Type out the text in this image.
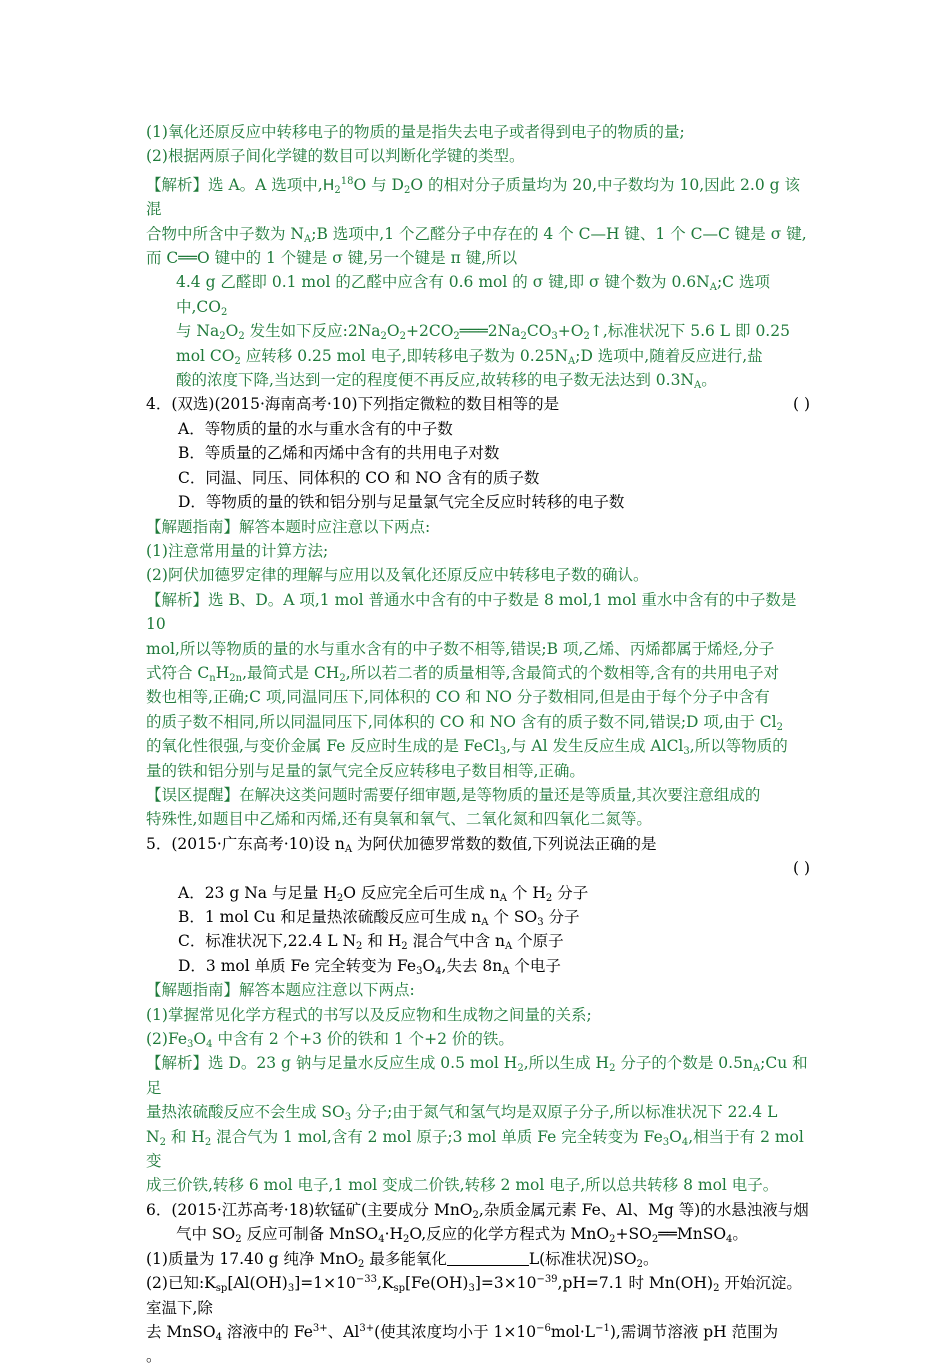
(1)氧化还原反应中转移电子的物质的量是指失去电子或者得到电子的物质的量;

(2)根据两原子间化学键的数目可以判断化学键的类型。

【解析】选 A。A 选项中$,H_2^{18}O$ 与 $D_2O$ 的相对分子质量均为 20,中子数均为 10,因此 2.0 g 该混

合物中所含中子数为 $N_A;B$ 选项中,1 个乙醛分子中存在的 4 个 C—H 键、1 个 C—C 键是 σ 键,

而 C══O 键中的 1 个键是 σ 键,另一个键是 π 键,所以

4.4 g 乙醛即 0.1 mol 的乙醛中应含有 0.6 mol 的 σ 键,即 σ 键个数为 $0.6N_A;C$ 选项中$,CO_2$

与 $Na_2O_2$ 发生如下反应$:2Na_2O_2+2CO_2═══2Na_2CO_3+O_2↑$,标准状况下 5.6 L 即 0.25

mol $CO_2$ 应转移 0.25 mol 电子,即转移电子数为 $0.25N_A;D$ 选项中,随着反应进行,盐

酸的浓度下降,当达到一定的程度便不再反应,故转移的电子数无法达到 $0.3N_A$。

4．(双选)(2015·海南高考·10)下列指定微粒的数目相等的是	( )

A．等物质的量的水与重水含有的中子数

B．等质量的乙烯和丙烯中含有的共用电子对数

C．同温、同压、同体积的 CO 和 NO 含有的质子数

D．等物质的量的铁和铝分别与足量氯气完全反应时转移的电子数

【解题指南】解答本题时应注意以下两点:

(1)注意常用量的计算方法;

(2)阿伏加德罗定律的理解与应用以及氧化还原反应中转移电子数的确认。

【解析】选 B、D。A 项,1 mol 普通水中含有的中子数是 8 mol,1 mol 重水中含有的中子数是 10

mol,所以等物质的量的水与重水含有的中子数不相等,错误;B 项,乙烯、丙烯都属于烯烃,分子

式符合 $C_nH_{2n}$,最简式是 $CH_2$,所以若二者的质量相等,含最简式的个数相等,含有的共用电子对

数也相等,正确;C 项,同温同压下,同体积的 CO 和 NO 分子数相同,但是由于每个分子中含有

的质子数不相同,所以同温同压下,同体积的 CO 和 NO 含有的质子数不同,错误;D 项,由于 $Cl_2$

的氧化性很强,与变价金属 Fe 反应时生成的是 FeCl$_3$,与 Al 发生反应生成 AlCl$_3$,所以等物质的

量的铁和铝分别与足量的氯气完全反应转移电子数目相等,正确。

【误区提醒】在解决这类问题时需要仔细审题,是等物质的量还是等质量,其次要注意组成的

特殊性,如题目中乙烯和丙烯,还有臭氧和氧气、二氧化氮和四氧化二氮等。

5．(2015·广东高考·10)设 $n_A$ 为阿伏加德罗常数的数值,下列说法正确的是

( )

A．23 g Na 与足量 $H_2O$ 反应完全后可生成 $n_A$ 个 $H_2$ 分子

B．1 mol Cu 和足量热浓硫酸反应可生成 $n_A$ 个 $SO_3$ 分子

C．标准状况下,22.4 L $N_2$ 和 $H_2$ 混合气中含 $n_A$ 个原子

D．3 mol 单质 Fe 完全转变为 $Fe_3O_4$,失去 $8n_A$ 个电子

【解题指南】解答本题应注意以下两点:

(1)掌握常见化学方程式的书写以及反应物和生成物之间量的关系;

$(2)Fe_3O_4$ 中含有 2 个+3 价的铁和 1 个+2 价的铁。

【解析】选 D。23 g 钠与足量水反应生成 0.5 mol $H_2$,所以生成 $H_2$ 分子的个数是 $0.5n_A;Cu$ 和足

量热浓硫酸反应不会生成 $SO_3$ 分子;由于氮气和氢气均是双原子分子,所以标准状况下 22.4 L

$N_2$ 和 $H_2$ 混合气为 1 mol,含有 2 mol 原子;3 mol 单质 Fe 完全转变为 $Fe_3O_4$,相当于有 2 mol 变

成三价铁,转移 6 mol 电子,1 mol 变成二价铁,转移 2 mol 电子,所以总共转移 8 mol 电子。

6．(2015·江苏高考·18)软锰矿(主要成分 MnO$_2$,杂质金属元素 Fe、Al、Mg 等)的水悬浊液与烟

气中 $SO_2$ 反应可制备 $MnSO_4\cdot H_2O$,反应的化学方程式为 $MnO_2+SO_2══MnSO_4$。

(1)质量为 17.40 g 纯净 MnO$_2$ 最多能氧化	L(标准状况)$SO_2$。

(2)已知$:K_{sp}[Al(OH)_3]=1\times 10^{-33},K_{sp}[Fe(OH)_3]=3\times 10^{-39},pH=7.1$ 时 $Mn(OH)_2$ 开始沉淀。室温下,除

去 MnSO$_4$ 溶液中的 $Fe^{3+}$、$Al^{3+}$(使其浓度均小于 $1\times 10^{-6}mol\cdot L^{-1}$),需调节溶液 pH 范围为

。
